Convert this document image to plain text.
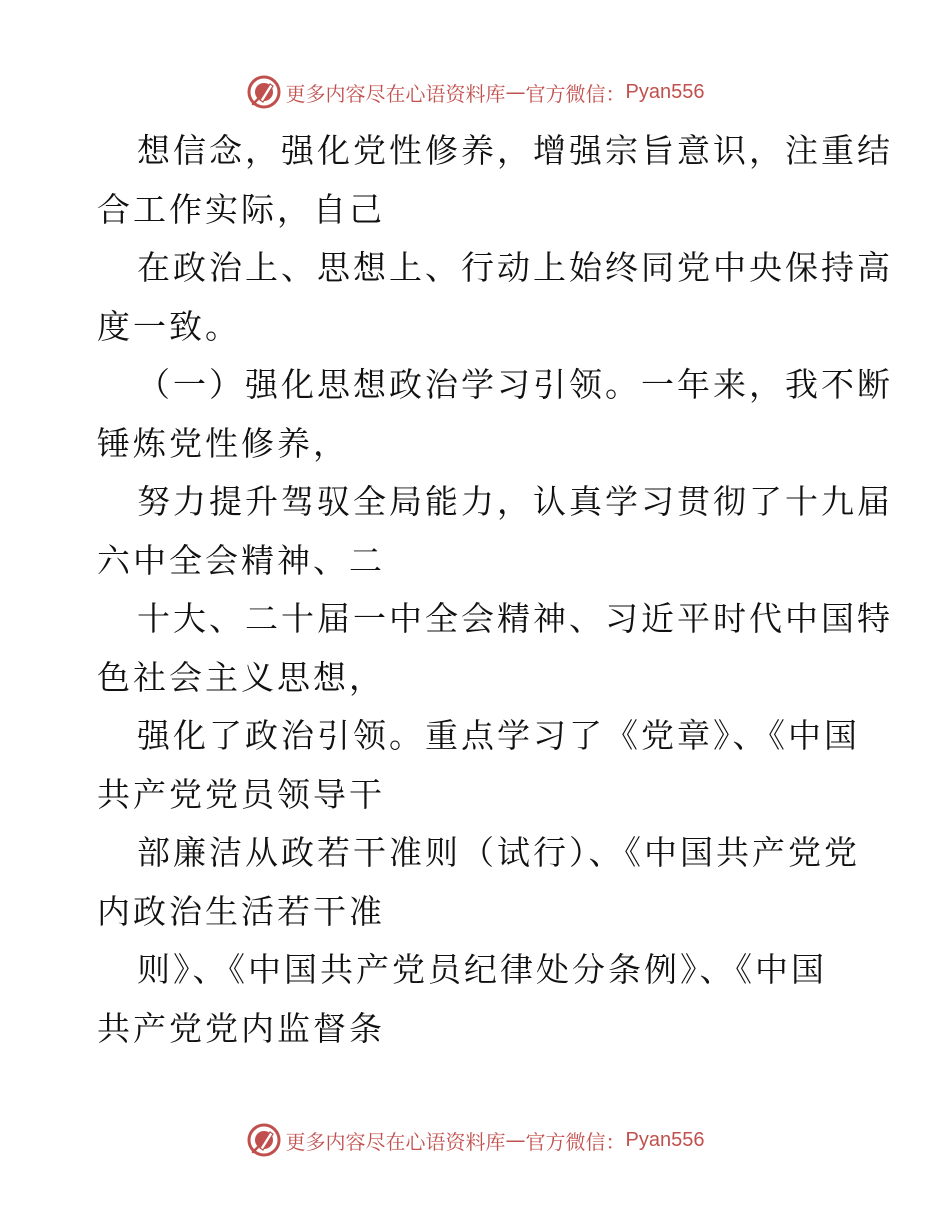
更多内容尽在心语资料库 — 官方微信： Pyan556
想信念，强化党性修养，增强宗旨意识，注重结
合工作实际，自己
在政治上、思想上、行动上始终同党中央保持高
度一致。
（一）强化思想政治学习引领。一年来，我不断
锤炼党性修养，
努力提升驾驭全局能力，认真学习贯彻了十九届
六中全会精神、二
十大、二十届一中全会精神、习近平时代中国特
色社会主义思想，
强化了政治引领。重点学习了《党章》、《中国
共产党党员领导干
部廉洁从政若干准则（试行）、《中国共产党党
内政治生活若干准
则》、《中国共产党员纪律处分条例》、《中国
共产党党内监督条
更多内容尽在心语资料库 — 官方微信： Pyan556
